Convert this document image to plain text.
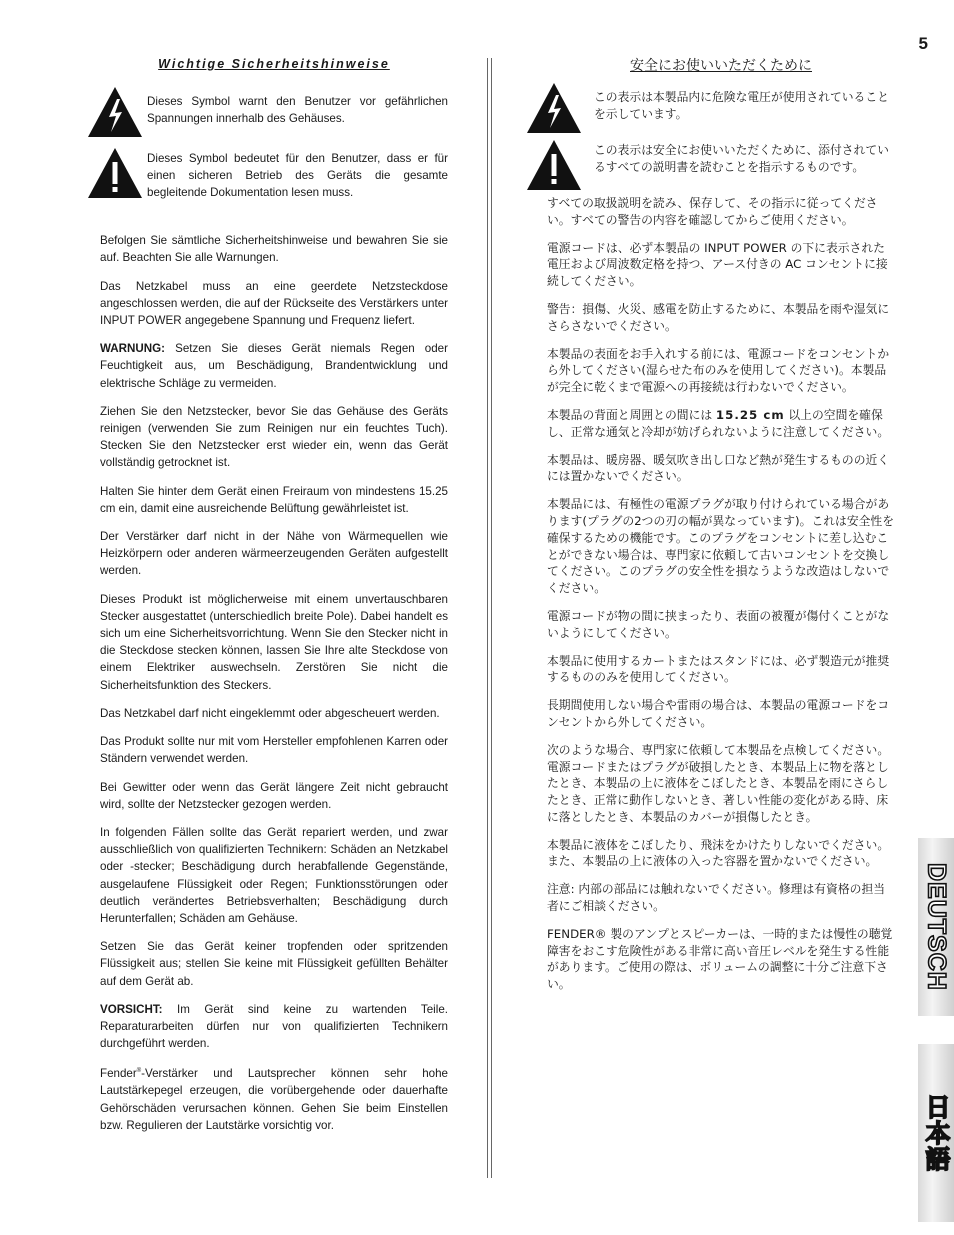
5
Wichtige Sicherheitshinweise
Dieses Symbol warnt den Benutzer vor gefährlichen Spannungen innerhalb des Gehäuses.
Dieses Symbol bedeutet für den Benutzer, dass er für einen sicheren Betrieb des Geräts die gesamte begleitende Dokumentation lesen muss.

Befolgen Sie sämtliche Sicherheitshinweise und bewahren Sie sie auf. Beachten Sie alle Warnungen.

Das Netzkabel muss an eine geerdete Netzsteckdose angeschlossen werden, die auf der Rückseite des Verstärkers unter INPUT POWER angegebene Spannung und Frequenz liefert.

WARNUNG: Setzen Sie dieses Gerät niemals Regen oder Feuchtigkeit aus, um Beschädigung, Brandentwicklung und elektrische Schläge zu vermeiden.

Ziehen Sie den Netzstecker, bevor Sie das Gehäuse des Geräts reinigen (verwenden Sie zum Reinigen nur ein feuchtes Tuch). Stecken Sie den Netzstecker erst wieder ein, wenn das Gerät vollständig getrocknet ist.

Halten Sie hinter dem Gerät einen Freiraum von mindestens 15.25 cm ein, damit eine ausreichende Belüftung gewährleistet ist.

Der Verstärker darf nicht in der Nähe von Wärmequellen wie Heizkörpern oder anderen wärmeerzeugenden Geräten aufgestellt werden.

Dieses Produkt ist möglicherweise mit einem unvertauschbaren Stecker ausgestattet (unterschiedlich breite Pole). Dabei handelt es sich um eine Sicherheitsvorrichtung. Wenn Sie den Stecker nicht in die Steckdose stecken können, lassen Sie Ihre alte Steckdose von einem Elektriker auswechseln. Zerstören Sie nicht die Sicherheitsfunktion des Steckers.

Das Netzkabel darf nicht eingeklemmt oder abgescheuert werden.

Das Produkt sollte nur mit vom Hersteller empfohlenen Karren oder Ständern verwendet werden.

Bei Gewitter oder wenn das Gerät längere Zeit nicht gebraucht wird, sollte der Netzstecker gezogen werden.

In folgenden Fällen sollte das Gerät repariert werden, und zwar ausschließlich von qualifizierten Technikern: Schäden an Netzkabel oder -stecker; Beschädigung durch herabfallende Gegenstände, ausgelaufene Flüssigkeit oder Regen; Funktionsstörungen oder deutlich verändertes Betriebsverhalten; Beschädigung durch Herunterfallen; Schäden am Gehäuse.

Setzen Sie das Gerät keiner tropfenden oder spritzenden Flüssigkeit aus; stellen Sie keine mit Flüssigkeit gefüllten Behälter auf dem Gerät ab.

VORSICHT: Im Gerät sind keine zu wartenden Teile. Reparaturarbeiten dürfen nur von qualifizierten Technikern durchgeführt werden.

Fender®-Verstärker und Lautsprecher können sehr hohe Lautstärkepegel erzeugen, die vorübergehende oder dauerhafte Gehörschäden verursachen können. Gehen Sie beim Einstellen bzw. Regulieren der Lautstärke vorsichtig vor.

安全にお使いいただくために
この表示は本製品内に危険な電圧が使用されていることを示しています。
この表示は安全にお使いいただくために、添付されているすべての説明書を読むことを指示するものです。

すべての取扱説明を読み、保存して、その指示に従ってください。すべての警告の内容を確認してからご使用ください。

電源コードは、必ず本製品の INPUT POWER の下に表示された電圧および周波数定格を持つ、アース付きの AC コンセントに接続してください。

警告：損傷、火災、感電を防止するために、本製品を雨や湿気にさらさないでください。

本製品の表面をお手入れする前には、電源コードをコンセントから外してください(湿らせた布のみを使用してください)。本製品が完全に乾くまで電源への再接続は行わないでください。

本製品の背面と周囲との間には 15.25 cm 以上の空間を確保し、正常な通気と冷却が妨げられないように注意してください。

本製品は、暖房器、暖気吹き出し口など熱が発生するものの近くには置かないでください。

本製品には、有極性の電源プラグが取り付けられている場合があります(プラグの2つの刃の幅が異なっています)。これは安全性を確保するための機能です。このプラグをコンセントに差し込むことができない場合は、専門家に依頼して古いコンセントを交換してください。このプラグの安全性を損なうような改造はしないでください。

電源コードが物の間に挟まったり、表面の被覆が傷付くことがないようにしてください。

本製品に使用するカートまたはスタンドには、必ず製造元が推奨するもののみを使用してください。

長期間使用しない場合や雷雨の場合は、本製品の電源コードをコンセントから外してください。

次のような場合、専門家に依頼して本製品を点検してください。電源コードまたはプラグが破損したとき、本製品上に物を落としたとき、本製品の上に液体をこぼしたとき、本製品を雨にさらしたとき、正常に動作しないとき、著しい性能の変化がある時、床に落としたとき、本製品のカバーが損傷したとき。

本製品に液体をこぼしたり、飛沫をかけたりしないでください。また、本製品の上に液体の入った容器を置かないでください。

注意: 内部の部品には触れないでください。修理は有資格の担当者にご相談ください。

FENDER® 製のアンプとスピーカーは、一時的または慢性の聴覚障害をおこす危険性がある非常に高い音圧レベルを発生する性能があります。ご使用の際は、ボリュームの調整に十分ご注意下さい。	DEUTSCH
日本語
